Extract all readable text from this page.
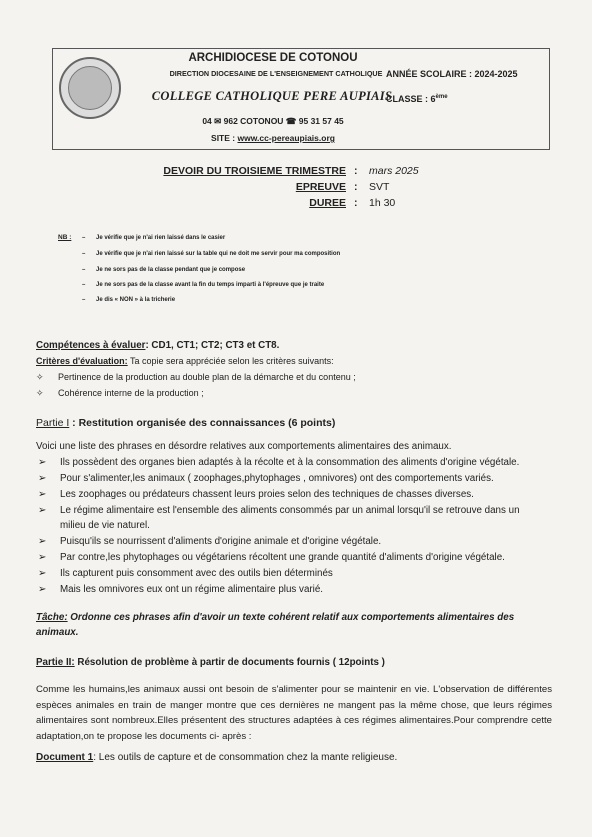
ARCHIDIOCESE DE COTONOU
DIRECTION DIOCESAINE DE L'ENSEIGNEMENT CATHOLIQUE
COLLEGE CATHOLIQUE PERE AUPIAIS
04 ✉ 962 COTONOU ☎ 95 31 57 45
SITE : www.cc-pereaupiais.org
ANNÉE SCOLAIRE : 2024-2025
CLASSE : 6ème
DEVOIR DU TROISIEME TRIMESTRE : mars 2025
EPREUVE : SVT
DUREE : 1h 30
NB : – Je vérifie que je n'ai rien laissé dans le casier
– Je vérifie que je n'ai rien laissé sur la table qui ne doit me servir pour ma composition
– Je ne sors pas de la classe pendant que je compose
– Je ne sors pas de la classe avant la fin du temps imparti à l'épreuve que je traite
– Je dis « NON » à la tricherie
Compétences à évaluer: CD1, CT1; CT2; CT3 et CT8.
Critères d'évaluation: Ta copie sera appréciée selon les critères suivants:
✧ Pertinence de la production au double plan de la démarche et du contenu ;
✧ Cohérence interne de la production ;
Partie I : Restitution organisée des connaissances (6 points)
Voici une liste des phrases en désordre relatives aux comportements alimentaires des animaux.
➢ Ils possèdent des organes bien adaptés à la récolte et à la consommation des aliments d'origine végétale.
➢ Pour s'alimenter,les animaux ( zoophages,phytophages , omnivores) ont des comportements variés.
➢ Les zoophages ou prédateurs chassent leurs proies selon des techniques de chasses diverses.
➢ Le régime alimentaire est l'ensemble des aliments consommés par un animal lorsqu'il se retrouve dans un
milieu de vie naturel.
➢ Puisqu'ils se nourrissent d'aliments d'origine animale et d'origine végétale.
➢ Par contre,les phytophages ou végétariens récoltent une grande quantité d'aliments d'origine végétale.
➢ Ils capturent puis consomment avec des outils bien déterminés
➢ Mais les omnivores eux ont un régime alimentaire plus varié.
Tâche: Ordonne ces phrases afin d'avoir un texte cohérent relatif aux comportements alimentaires des
animaux.
Partie II: Résolution de problème à partir de documents fournis ( 12points )
Comme les humains,les animaux aussi ont besoin de s'alimenter pour se maintenir en vie. L'observation de différentes espèces animales en train de manger montre que ces dernières ne mangent pas la même chose, que leurs régimes alimentaires sont nombreux.Elles présentent des structures adaptées à ces régimes alimentaires.Pour comprendre cette adaptation,on te propose les documents ci- après :
Document 1: Les outils de capture et de consommation chez la mante religieuse.
